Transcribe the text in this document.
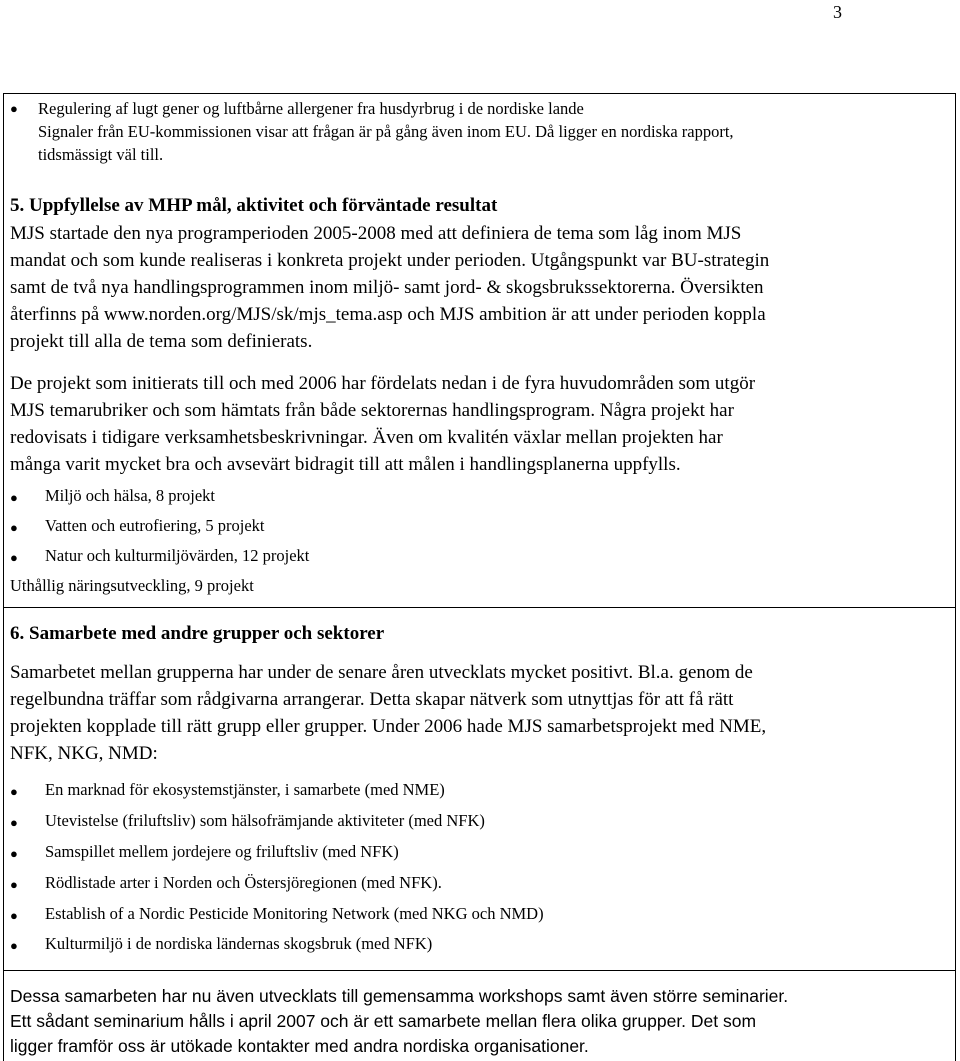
3
● Regulering af lugt gener og luftbårne allergener fra husdyrbrug i de nordiske lande
Signaler från EU-kommissionen visar att frågan är på gång även inom EU. Då ligger en nordiska rapport,
tidsmässigt väl till.
5. Uppfyllelse av MHP mål, aktivitet och förväntade resultat
MJS startade den nya programperioden 2005-2008 med att definiera de tema som låg inom MJS
mandat och som kunde realiseras i konkreta projekt under perioden. Utgångspunkt var BU-strategin
samt de två nya handlingsprogrammen inom miljö- samt jord- & skogsbrukssektorerna. Översikten
återfinns på www.norden.org/MJS/sk/mjs_tema.asp och MJS ambition är att under perioden koppla
projekt till alla de tema som definierats.
De projekt som initierats till och med 2006 har fördelats nedan i de fyra huvudområden som utgör
MJS temarubriker och som hämtats från både sektorernas handlingsprogram. Några projekt har
redovisats i tidigare verksamhetsbeskrivningar. Även om kvalitén växlar mellan projekten har
många varit mycket bra och avsevärt bidragit till att målen i handlingsplanerna uppfylls.
● Miljö och hälsa, 8 projekt
● Vatten och eutrofiering, 5 projekt
● Natur och kulturmiljövärden, 12 projekt
Uthållig näringsutveckling, 9 projekt
6. Samarbete med andre grupper och sektorer
Samarbetet mellan grupperna har under de senare åren utvecklats mycket positivt. Bl.a. genom de
regelbundna träffar som rådgivarna arrangerar. Detta skapar nätverk som utnyttjas för att få rätt
projekten kopplade till rätt grupp eller grupper. Under 2006 hade MJS samarbetsprojekt med NME,
NFK, NKG, NMD:
● En marknad för ekosystemstjänster, i samarbete (med NME)
● Utevistelse (friluftsliv) som hälsofrämjande aktiviteter (med NFK)
● Samspillet mellem jordejere og friluftsliv (med NFK)
● Rödlistade arter i Norden och Östersjöregionen (med NFK).
● Establish of a Nordic Pesticide Monitoring Network (med NKG och NMD)
● Kulturmiljö i de nordiska ländernas skogsbruk (med NFK)
Dessa samarbeten har nu även utvecklats till gemensamma workshops samt även större seminarier.
Ett sådant seminarium hålls i april 2007 och är ett samarbete mellan flera olika grupper. Det som
ligger framför oss är utökade kontakter med andra nordiska organisationer.
